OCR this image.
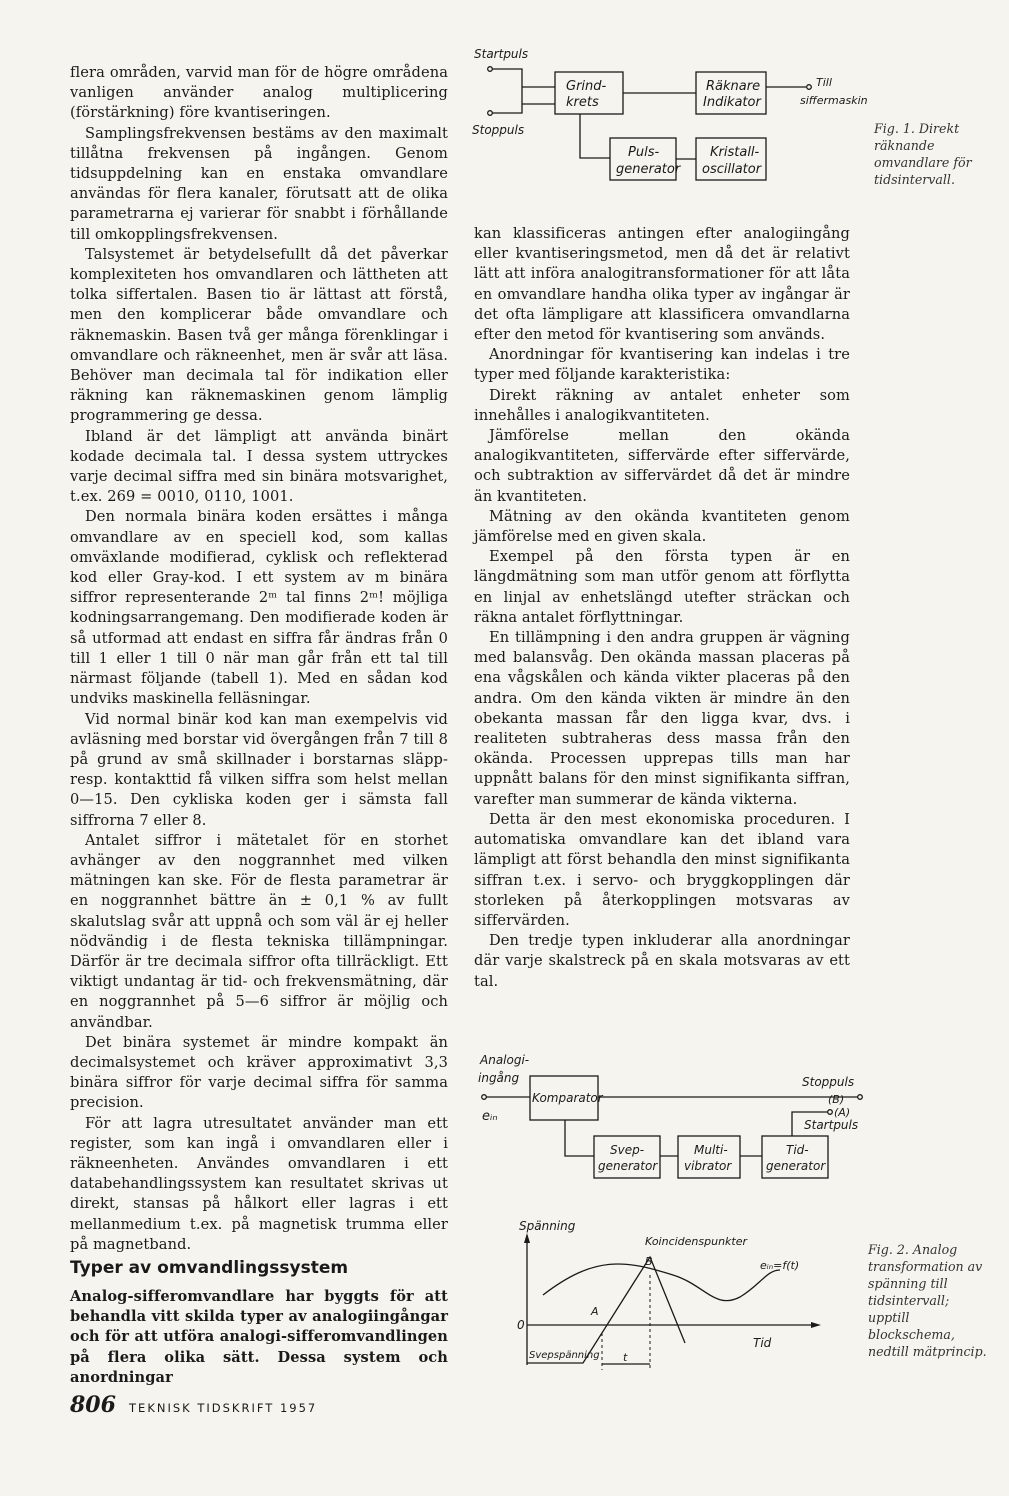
flera områden, varvid man för de högre områdena vanligen använder analog multiplicering (förstärkning) före kvantiseringen.

Samplingsfrekvensen bestäms av den maximalt tillåtna frekvensen på ingången. Genom tidsuppdelning kan en enstaka omvandlare användas för flera kanaler, förutsatt att de olika parametrarna ej varierar för snabbt i förhållande till omkopplingsfrekvensen.

Talsystemet är betydelsefullt då det påverkar komplexiteten hos omvandlaren och lättheten att tolka siffertalen. Basen tio är lättast att förstå, men den komplicerar både omvandlare och räknemaskin. Basen två ger många förenklingar i omvandlare och räkneenhet, men är svår att läsa. Behöver man decimala tal för indikation eller räkning kan räknemaskinen genom lämplig programmering ge dessa.

Ibland är det lämpligt att använda binärt kodade decimala tal. I dessa system uttryckes varje decimal siffra med sin binära motsvarighet, t.ex. 269 = 0010, 0110, 1001.

Den normala binära koden ersättes i många omvandlare av en speciell kod, som kallas omväxlande modifierad, cyklisk och reflekterad kod eller Gray-kod. I ett system av m binära siffror representerande 2ᵐ tal finns 2ᵐ! möjliga kodningsarrangemang. Den modifierade koden är så utformad att endast en siffra får ändras från 0 till 1 eller 1 till 0 när man går från ett tal till närmast följande (tabell 1). Med en sådan kod undviks maskinella felläsningar.

Vid normal binär kod kan man exempelvis vid avläsning med borstar vid övergången från 7 till 8 på grund av små skillnader i borstarnas släpp- resp. kontakttid få vilken siffra som helst mellan 0—15. Den cykliska koden ger i sämsta fall siffrorna 7 eller 8.

Antalet siffror i mätetalet för en storhet avhänger av den noggrannhet med vilken mätningen kan ske. För de flesta parametrar är en noggrannhet bättre än ± 0,1 % av fullt skalutslag svår att uppnå och som väl är ej heller nödvändig i de flesta tekniska tillämpningar. Därför är tre decimala siffror ofta tillräckligt. Ett viktigt undantag är tid- och frekvensmätning, där en noggrannhet på 5—6 siffror är möjlig och användbar.

Det binära systemet är mindre kompakt än decimalsystemet och kräver approximativt 3,3 binära siffror för varje decimal siffra för samma precision.

För att lagra utresultatet använder man ett register, som kan ingå i omvandlaren eller i räkneenheten. Användes omvandlaren i ett databehandlingssystem kan resultatet skrivas ut direkt, stansas på hålkort eller lagras i ett mellanmedium t.ex. på magnetisk trumma eller på magnetband.

Typer av omvandlingssystem

Analog-sifferomvandlare har byggts för att behandla vitt skilda typer av analogiingångar och för att utföra analogi-sifferomvandlingen på flera olika sätt. Dessa system och anordningar

kan klassificeras antingen efter analogiingång eller kvantiseringsmetod, men då det är relativt lätt att införa analogitransformationer för att låta en omvandlare handha olika typer av ingångar är det ofta lämpligare att klassificera omvandlarna efter den metod för kvantisering som används.

Anordningar för kvantisering kan indelas i tre typer med följande karakteristika:

Direkt räkning av antalet enheter som innehålles i analogikvantiteten.

Jämförelse mellan den okända analogikvantiteten, siffervärde efter siffervärde, och subtraktion av siffervärdet då det är mindre än kvantiteten.

Mätning av den okända kvantiteten genom jämförelse med en given skala.

Exempel på den första typen är en längdmätning som man utför genom att förflytta en linjal av enhetslängd utefter sträckan och räkna antalet förflyttningar.

En tillämpning i den andra gruppen är vägning med balansvåg. Den okända massan placeras på ena vågskålen och kända vikter placeras på den andra. Om den kända vikten är mindre än den obekanta massan får den ligga kvar, dvs. i realiteten subtraheras dess massa från den okända. Processen upprepas tills man har uppnått balans för den minst signifikanta siffran, varefter man summerar de kända vikterna.

Detta är den mest ekonomiska proceduren. I automatiska omvandlare kan det ibland vara lämpligt att först behandla den minst signifikanta siffran t.ex. i servo- och bryggkopplingen där storleken på återkopplingen motsvaras av siffervärden.

Den tredje typen inkluderar alla anordningar där varje skalstreck på en skala motsvaras av ett tal.

Startpuls
Stoppuls
Grind-
krets
Räknare
Indikator
Till
siffermaskin
Puls-
generator
Kristall-
oscillator
Fig. 1. Direkt räknande omvandlare för tidsintervall.
Analogi-
ingång
eᵢₙ
Komparator
Stoppuls
(B)
(A)
Startpuls
Svep-
generator
Multi-
vibrator
Tid-
generator
Spänning
Koincidenspunkter
0
Tid
eᵢₙ=f(t)
B
A
t
Svepspänning
Fig. 2. Analog transformation av spänning till tidsintervall; upptill blockschema, nedtill mätprincip.
806 TEKNISK TIDSKRIFT 1957
